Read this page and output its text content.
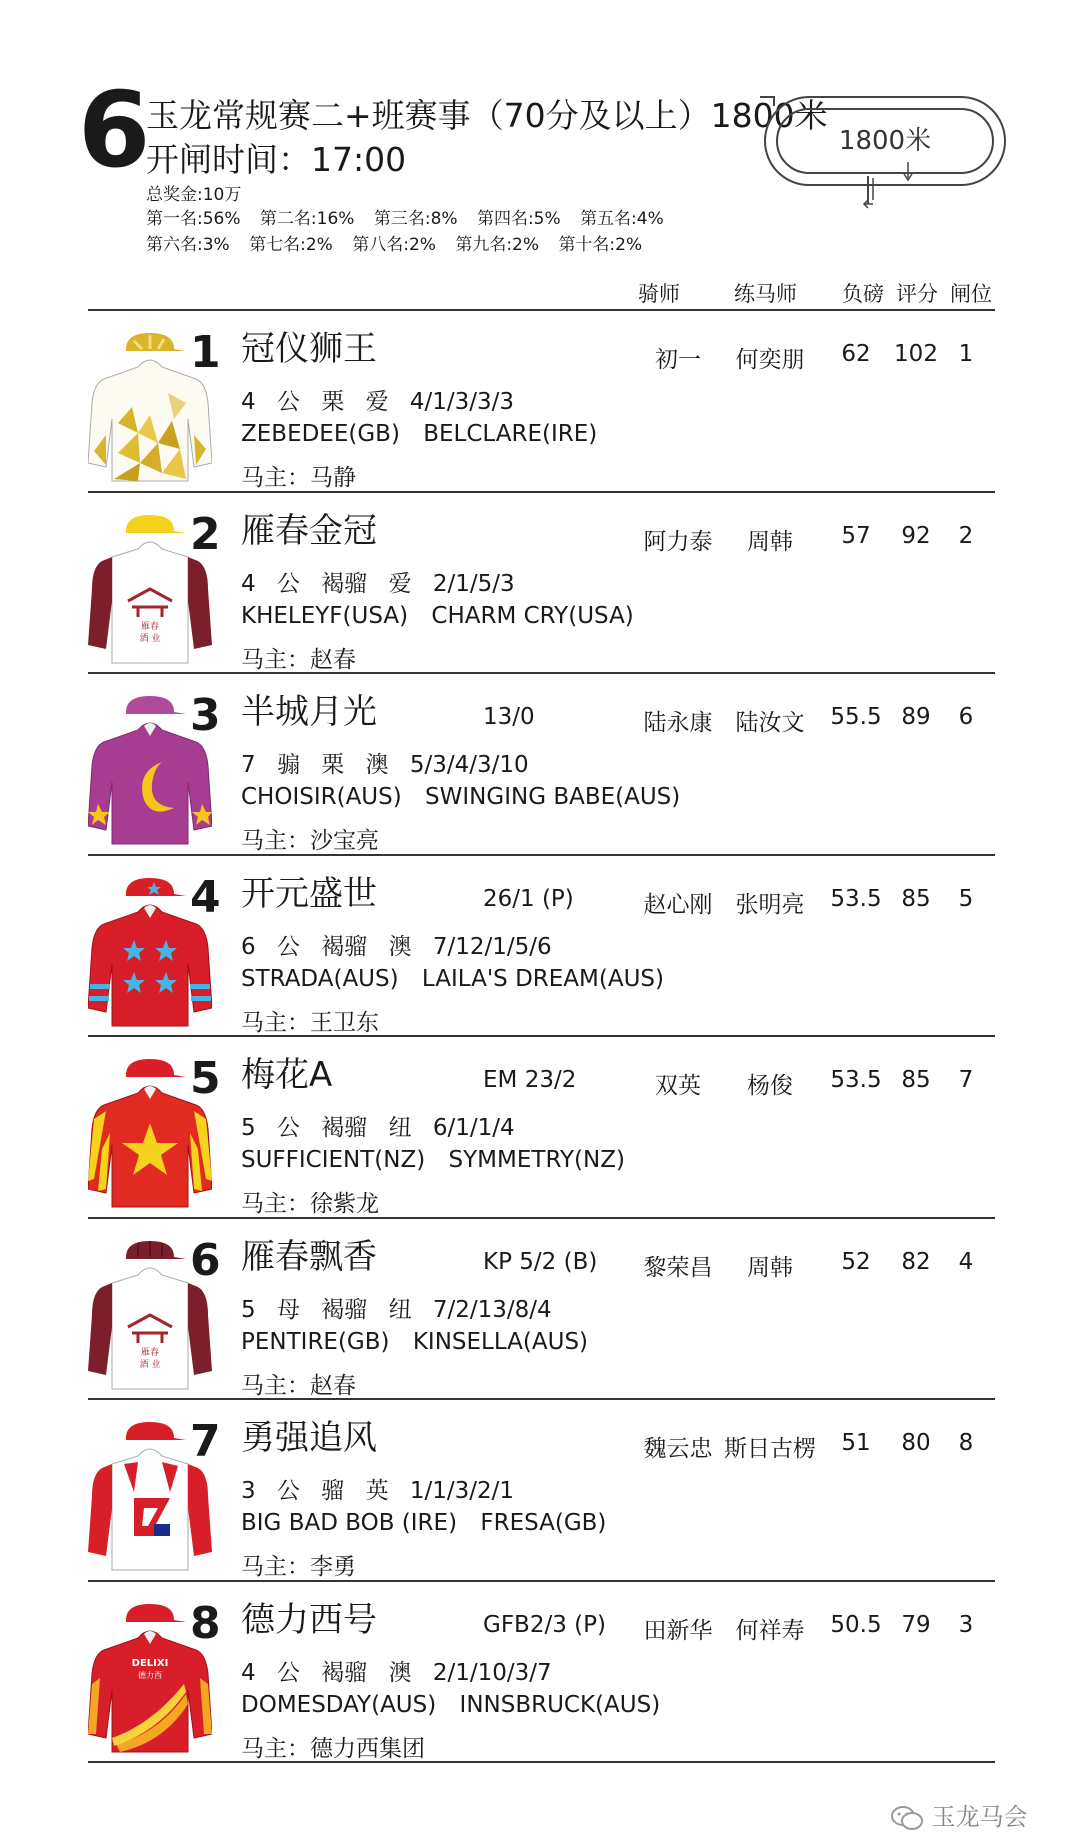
6
玉龙常规赛二+班赛事（70分及以上）1800米
开闸时间：17:00
总奖金:10万
第一名:56% 第二名:16% 第三名:8% 第四名:5% 第五名:4%
第六名:3% 第七名:2% 第八名:2% 第九名:2% 第十名:2%
1800米
骑师	练马师 负磅 评分 闸位
1 冠仪狮王	初一	何奕朋	62	102 1
4 公 栗 爱 4/1/3/3/3
ZEBEDEE(GB) BELCLARE(IRE)
马主：马静
雁春
酒 业
2 雁春金冠	阿力泰	周韩	57	92	2
4 公 褐骝 爱 2/1/5/3
KHELEYF(USA) CHARM CRY(USA)
马主：赵春
3 半城月光	13/0	陆永康	陆汝文	55.5 89	6
7 骟 栗 澳 5/3/4/3/10
CHOISIR(AUS) SWINGING BABE(AUS)
马主：沙宝亮
4 开元盛世	26/1 (P)	赵心刚	张明亮	53.5 85	5
6 公 褐骝 澳 7/12/1/5/6
STRADA(AUS) LAILA'S DREAM(AUS)
马主：王卫东
5 梅花A	EM 23/2	双英	杨俊	53.5 85	7
5 公 褐骝 纽 6/1/1/4
SUFFICIENT(NZ) SYMMETRY(NZ)
马主：徐紫龙
雁春
酒 业
6 雁春飘香	KP 5/2 (B)	黎荣昌	周韩	52	82	4
5 母 褐骝 纽 7/2/13/8/4
PENTIRE(GB) KINSELLA(AUS)
马主：赵春
7 勇强追风	魏云忠 斯日古楞	51	80	8
3 公 骝 英 1/1/3/2/1
BIG BAD BOB (IRE) FRESA(GB)
马主：李勇
DELIXI
德力西
8 德力西号	GFB2/3 (P)	田新华	何祥寿	50.5 79	3
4 公 褐骝 澳 2/1/10/3/7
DOMESDAY(AUS) INNSBRUCK(AUS)
马主：德力西集团
玉龙马会
